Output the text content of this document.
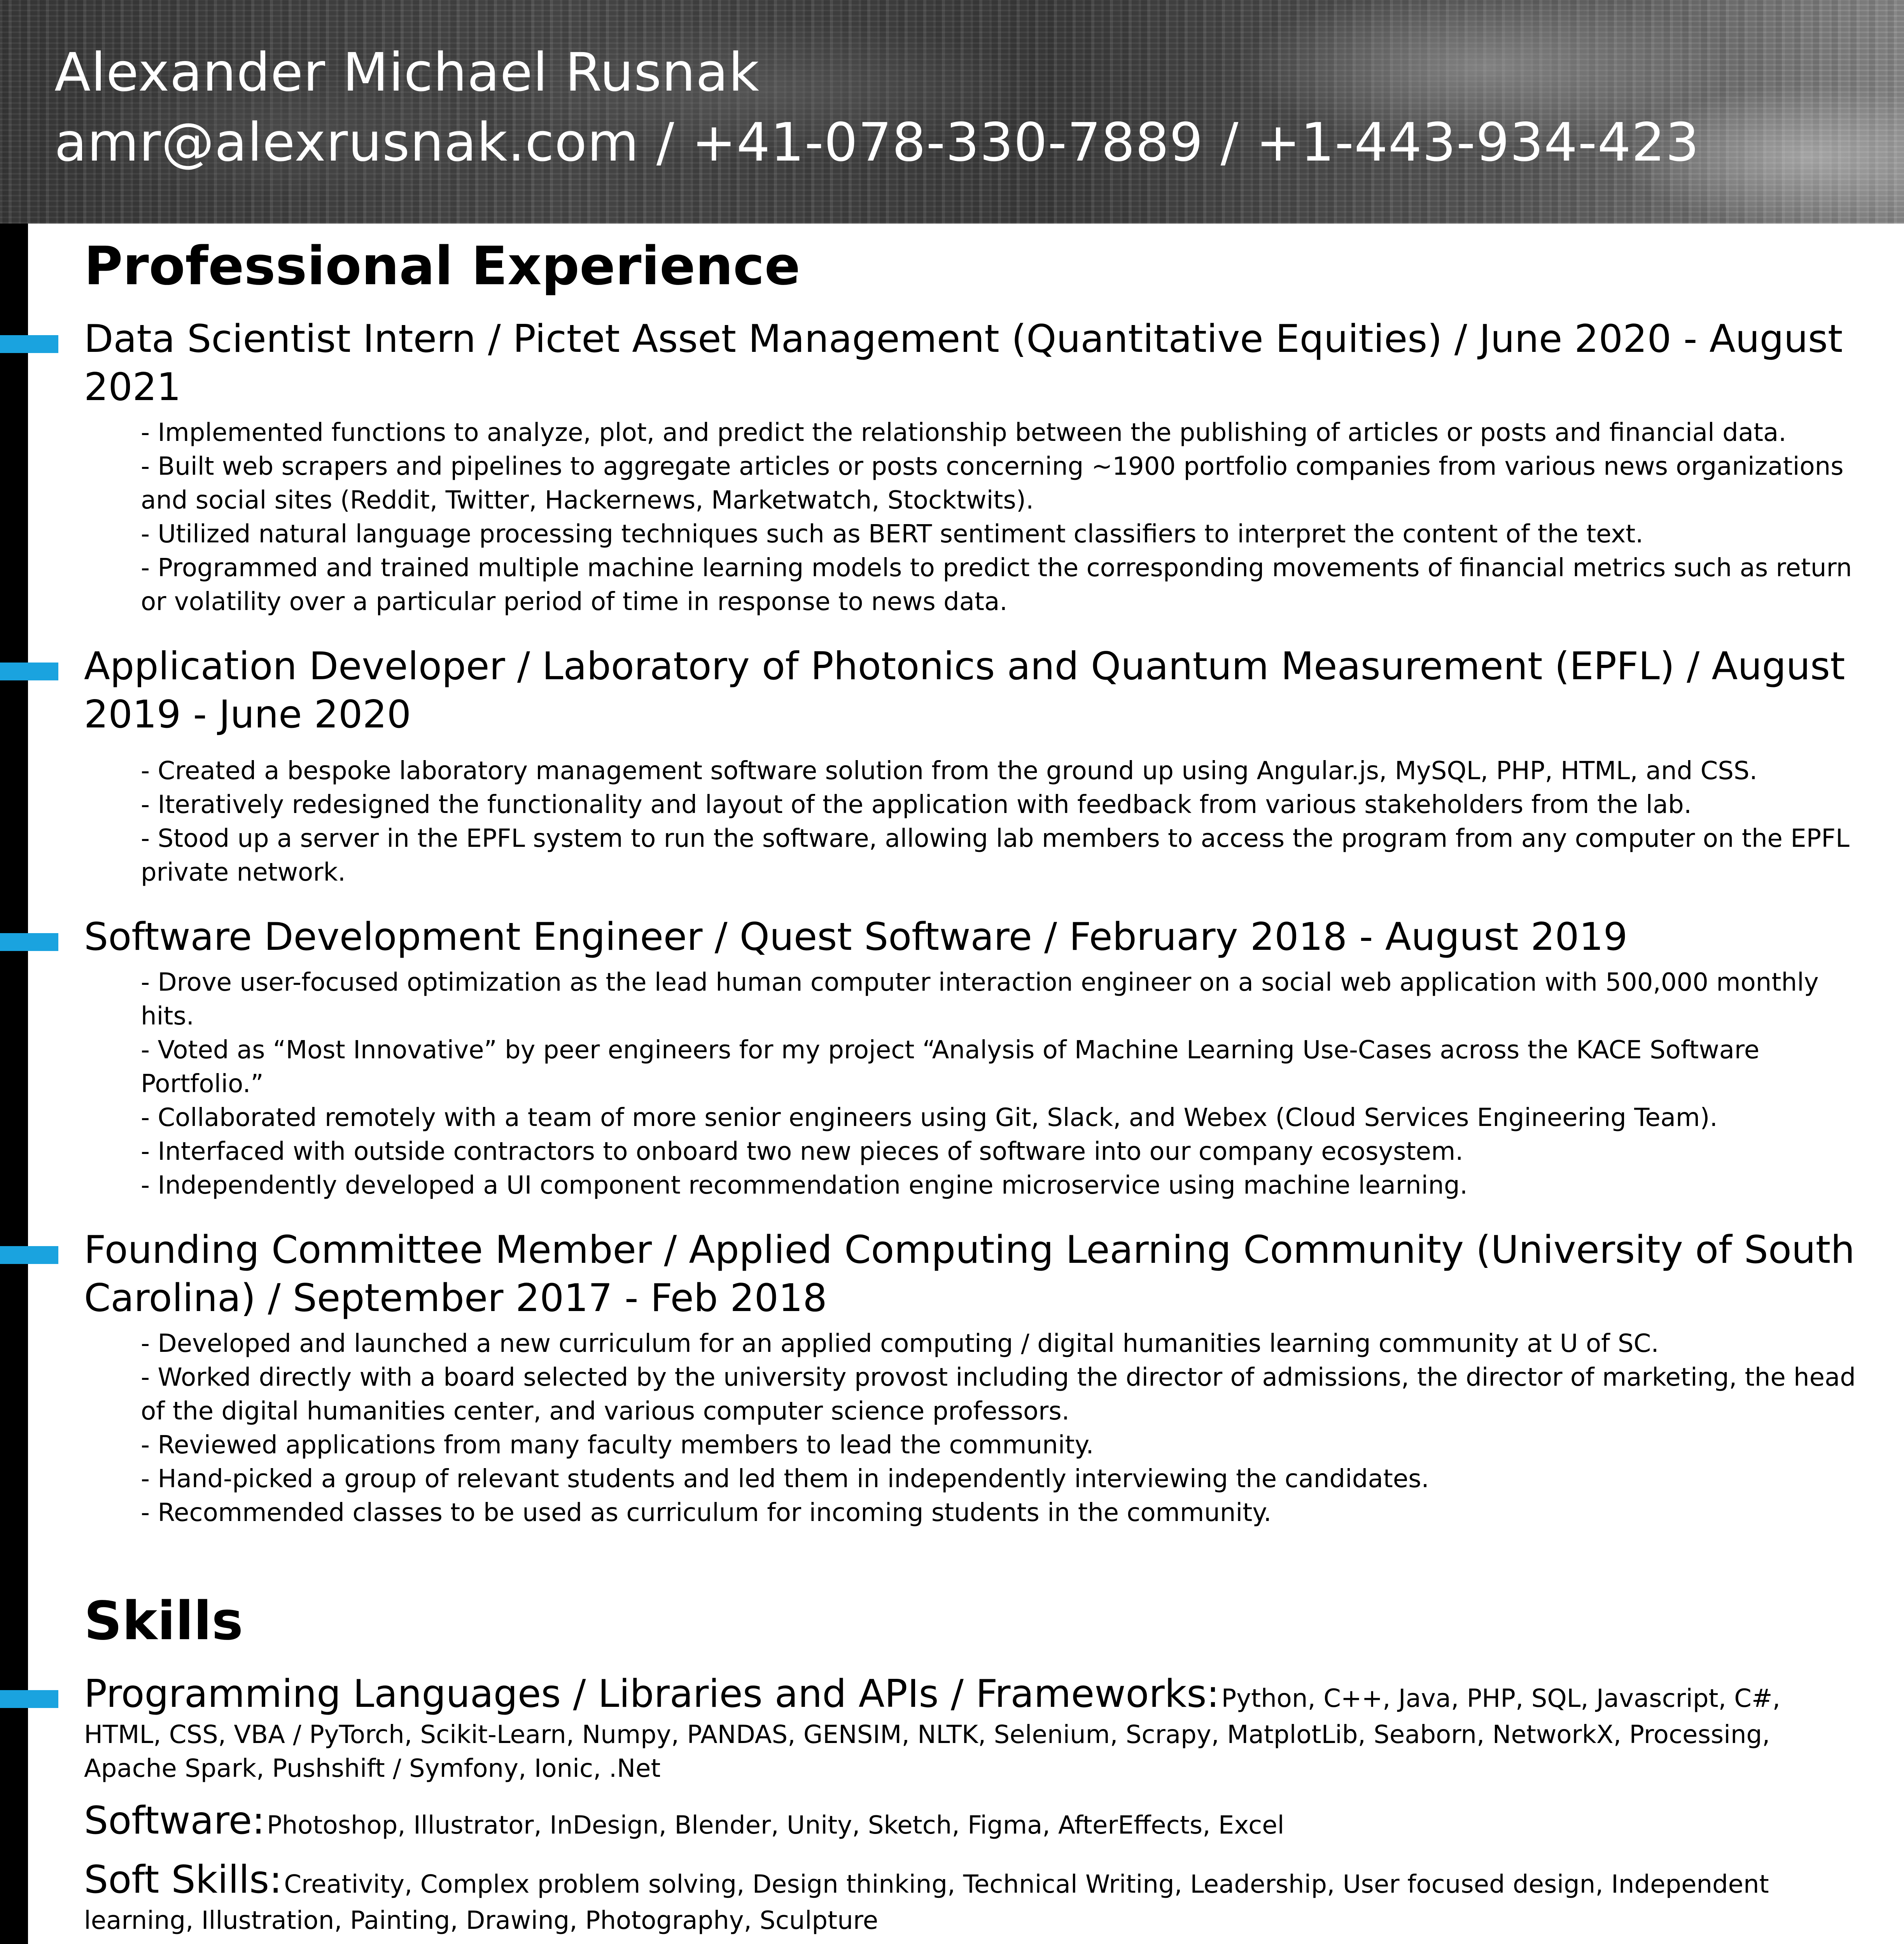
Alexander Michael Rusnak
amr@alexrusnak.com / +41-078-330-7889 / +1-443-934-423
Professional Experience
Data Scientist Intern / Pictet Asset Management (Quantitative Equities) / June 2020 - August 2021
- Implemented functions to analyze, plot, and predict the relationship between the publishing of articles or posts and financial data.
- Built web scrapers and pipelines to aggregate articles or posts concerning ~1900 portfolio companies from various news organizations and social sites (Reddit, Twitter, Hackernews, Marketwatch, Stocktwits).
- Utilized natural language processing techniques such as BERT sentiment classifiers to interpret the content of the text.
- Programmed and trained multiple machine learning models to predict the corresponding movements of financial metrics such as return or volatility over a particular period of time in response to news data.
Application Developer / Laboratory of Photonics and Quantum Measurement (EPFL) / August 2019 - June 2020
- Created a bespoke laboratory management software solution from the ground up using Angular.js, MySQL, PHP, HTML, and CSS.
- Iteratively redesigned the functionality and layout of the application with feedback from various stakeholders from the lab.
- Stood up a server in the EPFL system to run the software, allowing lab members to access the program from any computer on the EPFL private network.
Software Development Engineer / Quest Software / February 2018 - August 2019
- Drove user-focused optimization as the lead human computer interaction engineer on a social web application with 500,000 monthly hits.
- Voted as “Most Innovative” by peer engineers for my project “Analysis of Machine Learning Use-Cases across the KACE Software Portfolio.”
- Collaborated remotely with a team of more senior engineers using Git, Slack, and Webex (Cloud Services Engineering Team).
- Interfaced with outside contractors to onboard two new pieces of software into our company ecosystem.
- Independently developed a UI component recommendation engine microservice using machine learning.
Founding Committee Member / Applied Computing Learning Community (University of South Carolina) / September 2017 - Feb 2018
- Developed and launched a new curriculum for an applied computing / digital humanities learning community at U of SC.
- Worked directly with a board selected by the university provost including the director of admissions, the director of marketing, the head of the digital humanities center, and various computer science professors.
- Reviewed applications from many faculty members to lead the community.
- Hand-picked a group of relevant students and led them in independently interviewing the candidates.
- Recommended classes to be used as curriculum for incoming students in the community.
Skills
Programming Languages / Libraries and APIs / Frameworks: Python, C++, Java, PHP, SQL, Javascript, C#, HTML, CSS, VBA / PyTorch, Scikit-Learn, Numpy, PANDAS, GENSIM, NLTK, Selenium, Scrapy, MatplotLib, Seaborn, NetworkX, Processing, Apache Spark, Pushshift / Symfony, Ionic, .Net
Software: Photoshop, Illustrator, InDesign, Blender, Unity, Sketch, Figma, AfterEffects, Excel
Soft Skills: Creativity, Complex problem solving, Design thinking, Technical Writing, Leadership, User focused design, Independent learning, Illustration, Painting, Drawing, Photography, Sculpture
